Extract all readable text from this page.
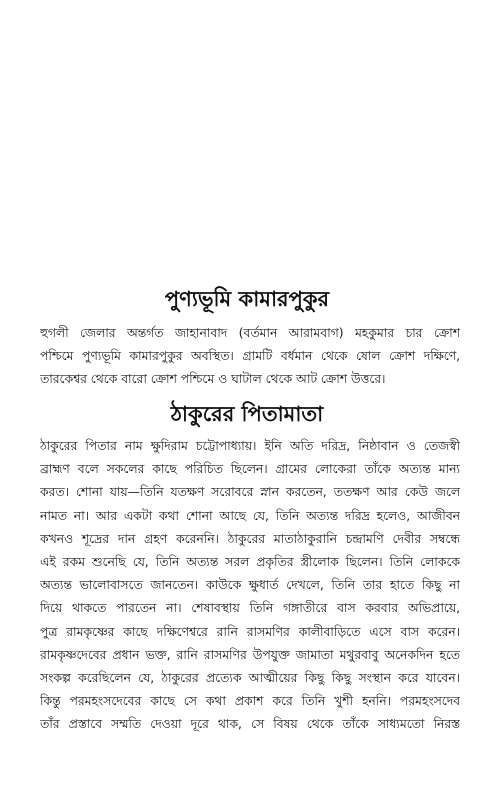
পুণ্যভূমি কামারপুকুর
হুগলী জেলার অন্তর্গত জাহানাবাদ (বর্তমান আরামবাগ) মহকুমার চার ক্রোশ
পশ্চিমে পুণ্যভূমি কামারপুকুর অবস্থিত। গ্রামটি বর্ধমান থেকে ষোল ক্রোশ দক্ষিণে,
তারকেশ্বর থেকে বারো ক্রোশ পশ্চিমে ও ঘাটাল থেকে আট ক্রোশ উত্তরে।
ঠাকুরের পিতামাতা
ঠাকুরের পিতার নাম ক্ষুদিরাম চট্টোপাধ্যায়। ইনি অতি দরিদ্র, নিষ্ঠাবান ও তেজস্বী
ব্রাহ্মণ বলে সকলের কাছে পরিচিত ছিলেন। গ্রামের লোকেরা তাঁকে অত্যন্ত মান্য
করত। শোনা যায়—তিনি যতক্ষণ সরোবরে স্নান করতেন, ততক্ষণ আর কেউ জলে
নামত না। আর একটা কথা শোনা আছে যে, তিনি অত্যন্ত দরিদ্র হলেও, আজীবন
কখনও শূদ্রের দান গ্রহণ করেননি। ঠাকুরের মাতাঠাকুরানি চন্দ্রামণি দেবীর সম্বন্ধে
এই রকম শুনেছি যে, তিনি অত্যন্ত সরল প্রকৃতির স্ত্রীলোক ছিলেন। তিনি লোককে
অত্যন্ত ভালোবাসতে জানতেন। কাউকে ক্ষুধার্ত দেখলে, তিনি তার হাতে কিছু না
দিয়ে থাকতে পারতেন না। শেষাবস্থায় তিনি গঙ্গাতীরে বাস করবার অভিপ্রায়ে,
পুত্র রামকৃষ্ণের কাছে দক্ষিণেশ্বরে রানি রাসমণির কালীবাড়িতে এসে বাস করেন।
রামকৃষ্ণদেবের প্রধান ভক্ত, রানি রাসমণির উপযুক্ত জামাতা মথুরবাবু অনেকদিন হতে
সংকল্প করেছিলেন যে, ঠাকুরের প্রত্যেক আত্মীয়ের কিছু কিছু সংস্থান করে যাবেন।
কিন্তু পরমহংসদেবের কাছে সে কথা প্রকাশ করে তিনি খুশী হননি। পরমহংসদেব
তাঁর প্রস্তাবে সম্মতি দেওয়া দূরে থাক, সে বিষয় থেকে তাঁকে সাধ্যমতো নিরস্ত
